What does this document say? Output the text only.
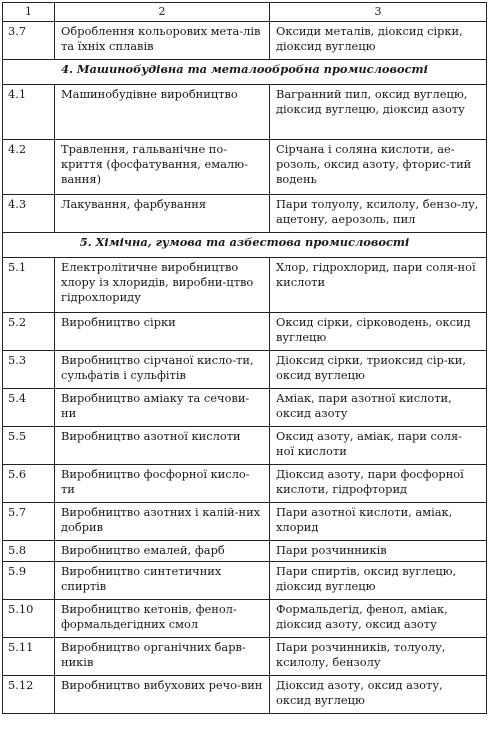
1	2	3
3.7	Оброблення кольорових мета-лів та їхніх сплавів	Оксиди металів, діоксид сірки, діоксид вуглецю
4. Машинобудівна та металообробна промисловості		
4.1	Машинобудівне виробництво	Вагранний пил, оксид вуглецю, діоксид вуглецю, діоксид азоту
4.2	Травлення, гальванічне по-криття (фосфатування, емалю-вання)	Сірчана і соляна кислоти, ае-розоль, оксид азоту, фторис-тий водень
4.3	Лакування, фарбування	Пари толуолу, ксилолу, бензо-лу, ацетону, аерозоль, пил
5. Хімічна, гумова та азбестова промисловості		
5.1	Електролітичне виробництво хлору із хлоридів, виробни-цтво гідрохлориду	Хлор, гідрохлорид, пари соля-ної кислоти
5.2	Виробництво сірки	Оксид сірки, сірководень, оксид вуглецю
5.3	Виробництво сірчаної кисло-ти, сульфатів і сульфітів	Діоксид сірки, триоксид сір-ки, оксид вуглецю
5.4	Виробництво аміаку та сечови-ни	Аміак, пари азотної кислоти, оксид азоту
5.5	Виробництво азотної кислоти	Оксид азоту, аміак, пари соля-ної кислоти
5.6	Виробництво фосфорної кисло-ти	Діоксид азоту, пари фосфорної кислоти, гідрофторид
5.7	Виробництво азотних і калій-них добрив	Пари азотної кислоти, аміак, хлорид
5.8	Виробництво емалей, фарб	Пари розчинників
5.9	Виробництво синтетичних спиртів	Пари спиртів, оксид вуглецю, діоксид вуглецю
5.10	Виробництво кетонів, фенол-формальдегідних смол	Формальдегід, фенол, аміак, діоксид азоту, оксид азоту
5.11	Виробництво органічних барв-ників	Пари розчинників, толуолу, ксилолу, бензолу
5.12	Виробництво вибухових речо-вин	Діоксид азоту, оксид азоту, оксид вуглецю
